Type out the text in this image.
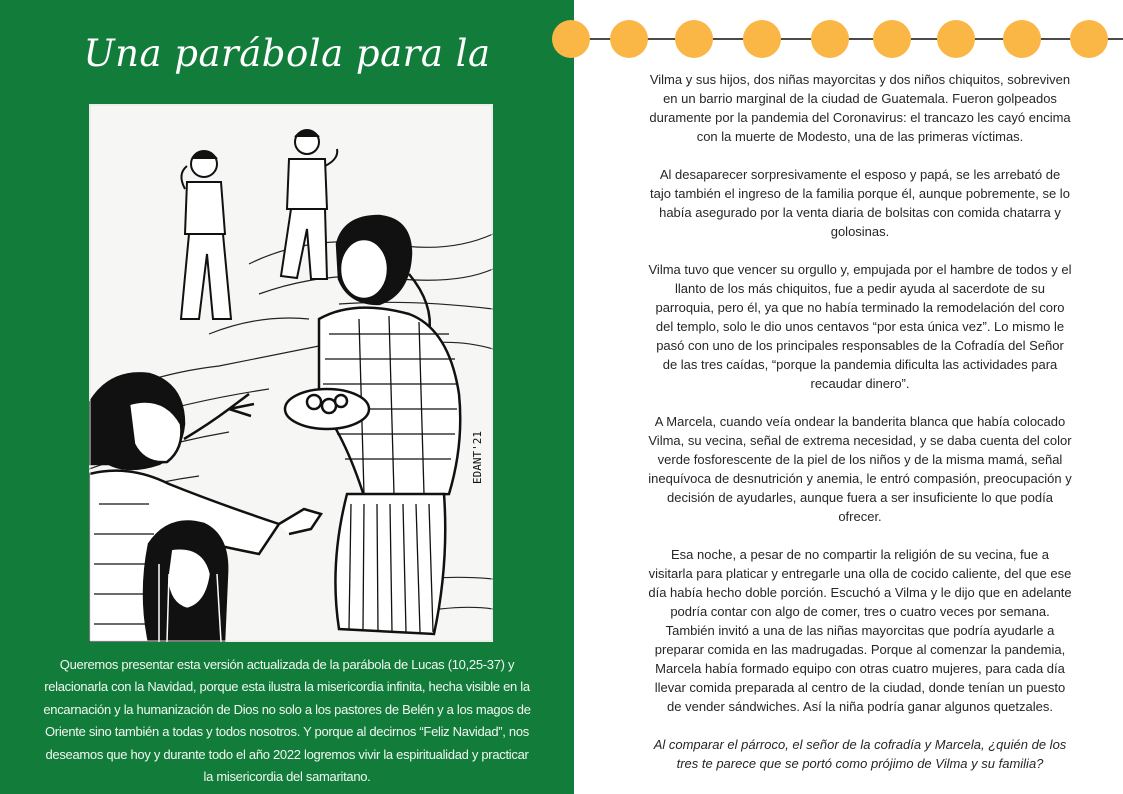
Una parábola para la
EDANT'21

Queremos presentar esta versión actualizada de la parábola de Lucas (10,25-37) y relacionarla con la Navidad, porque esta ilustra la misericordia infinita, hecha visible en la encarnación y la humanización de Dios no solo a los pastores de Belén y a los magos de Oriente sino también a todas y todos nosotros. Y porque al decirnos “Feliz Navidad”, nos deseamos que hoy y durante todo el año 2022 logremos vivir la espiritualidad y practicar la misericordia del samaritano.

Vilma y sus hijos, dos niñas mayorcitas y dos niños chiquitos, sobreviven en un barrio marginal de la ciudad de Guatemala. Fueron golpeados duramente por la pandemia del Coronavirus: el trancazo les cayó encima con la muerte de Modesto, una de las primeras víctimas.

Al desaparecer sorpresivamente el esposo y papá, se les arrebató de tajo también el ingreso de la familia porque él, aunque pobremente, se lo había asegurado por la venta diaria de bolsitas con comida chatarra y golosinas.

Vilma tuvo que vencer su orgullo y, empujada por el hambre de todos y el llanto de los más chiquitos, fue a pedir ayuda al sacerdote de su parroquia, pero él, ya que no había terminado la remodelación del coro del templo, solo le dio unos centavos “por esta única vez”. Lo mismo le pasó con uno de los principales responsables de la Cofradía del Señor de las tres caídas, “porque la pandemia dificulta las actividades para recaudar dinero”.

A Marcela, cuando veía ondear la banderita blanca que había colocado Vilma, su vecina, señal de extrema necesidad, y se daba cuenta del color verde fosforescente de la piel de los niños y de la misma mamá, señal inequívoca de desnutrición y anemia, le entró compasión, preocupación y decisión de ayudarles, aunque fuera a ser insuficiente lo que podía ofrecer.

Esa noche, a pesar de no compartir la religión de su vecina, fue a visitarla para platicar y entregarle una olla de cocido caliente, del que ese día había hecho doble porción. Escuchó a Vilma y le dijo que en adelante podría contar con algo de comer, tres o cuatro veces por semana. También invitó a una de las niñas mayorcitas que podría ayudarle a preparar comida en las madrugadas. Porque al comenzar la pandemia, Marcela había formado equipo con otras cuatro mujeres, para cada día llevar comida preparada al centro de la ciudad, donde tenían un puesto de vender sándwiches. Así la niña podría ganar algunos quetzales.

Al comparar el párroco, el señor de la cofradía y Marcela, ¿quién de los tres te parece que se portó como prójimo de Vilma y su familia?
